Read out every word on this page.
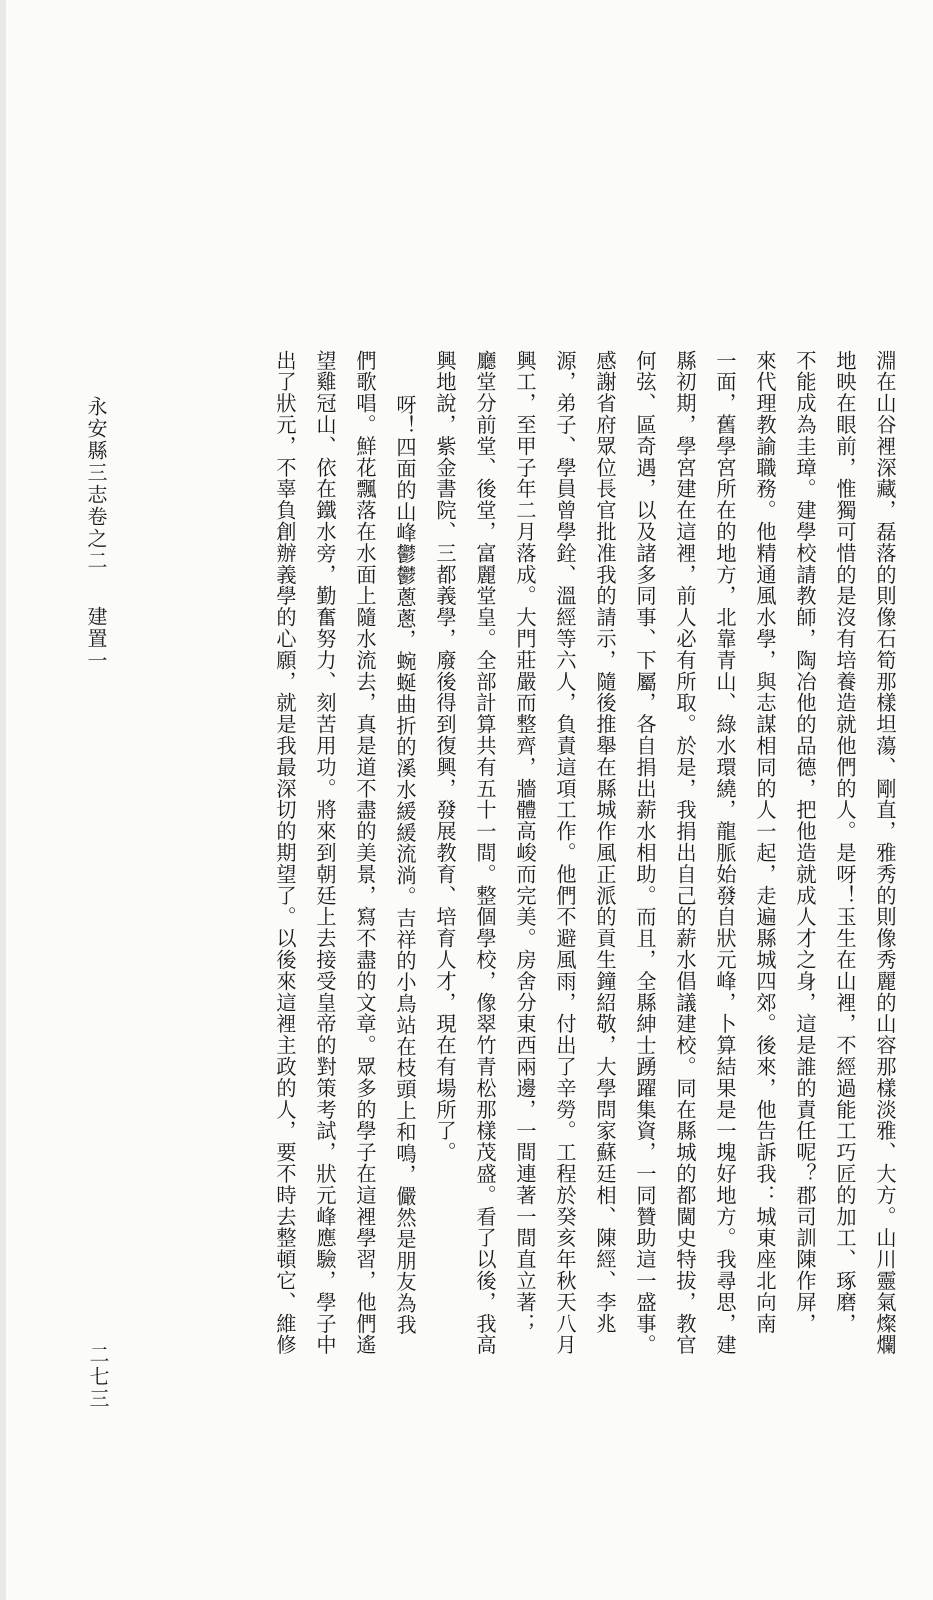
淵在山谷裡深藏，磊落的則像石筍那樣坦蕩、剛直，雅秀的則像秀麗的山容那樣淡雅、大方。山川靈氣燦爛
地映在眼前，惟獨可惜的是沒有培養造就他們的人。是呀！玉生在山裡，不經過能工巧匠的加工、琢磨，
不能成為圭璋。建學校請教師，陶冶他的品德，把他造就成人才之身，這是誰的責任呢？郡司訓陳作屏，
來代理教諭職務。他精通風水學，與志謀相同的人一起，走遍縣城四郊。後來，他告訴我：城東座北向南
一面，舊學宮所在的地方，北靠青山、綠水環繞，龍脈始發自狀元峰，卜算結果是一塊好地方。我尋思，建
縣初期，學宮建在這裡，前人必有所取。於是，我捐出自己的薪水倡議建校。同在縣城的都閫史特拔，教官
何弦、區奇遇，以及諸多同事、下屬，各自捐出薪水相助。而且，全縣紳士踴躍集資，一同贊助這一盛事。
感謝省府眾位長官批准我的請示，隨後推舉在縣城作風正派的貢生鐘紹敬，大學問家蘇廷相、陳經、李兆
源，弟子、學員曾學銓、溫經等六人，負責這項工作。他們不避風雨，付出了辛勞。工程於癸亥年秋天八月
興工，至甲子年二月落成。大門莊嚴而整齊，牆體高峻而完美。房舍分東西兩邊，一間連著一間直立著；
廳堂分前堂、後堂，富麗堂皇。全部計算共有五十一間。整個學校，像翠竹青松那樣茂盛。看了以後，我高
興地說，紫金書院、三都義學，廢後得到復興，發展教育、培育人才，現在有場所了。
呀！四面的山峰鬱鬱蔥蔥，蜿蜒曲折的溪水緩緩流淌。吉祥的小鳥站在枝頭上和鳴，儼然是朋友為我
們歌唱。鮮花飄落在水面上隨水流去，真是道不盡的美景，寫不盡的文章。眾多的學子在這裡學習，他們遙
望雞冠山、依在鐵水旁，勤奮努力、刻苦用功。將來到朝廷上去接受皇帝的對策考試，狀元峰應驗，學子中
出了狀元，不辜負創辦義學的心願，就是我最深切的期望了。以後來這裡主政的人，要不時去整頓它、維修
永安縣三志卷之二建置一
二七三
